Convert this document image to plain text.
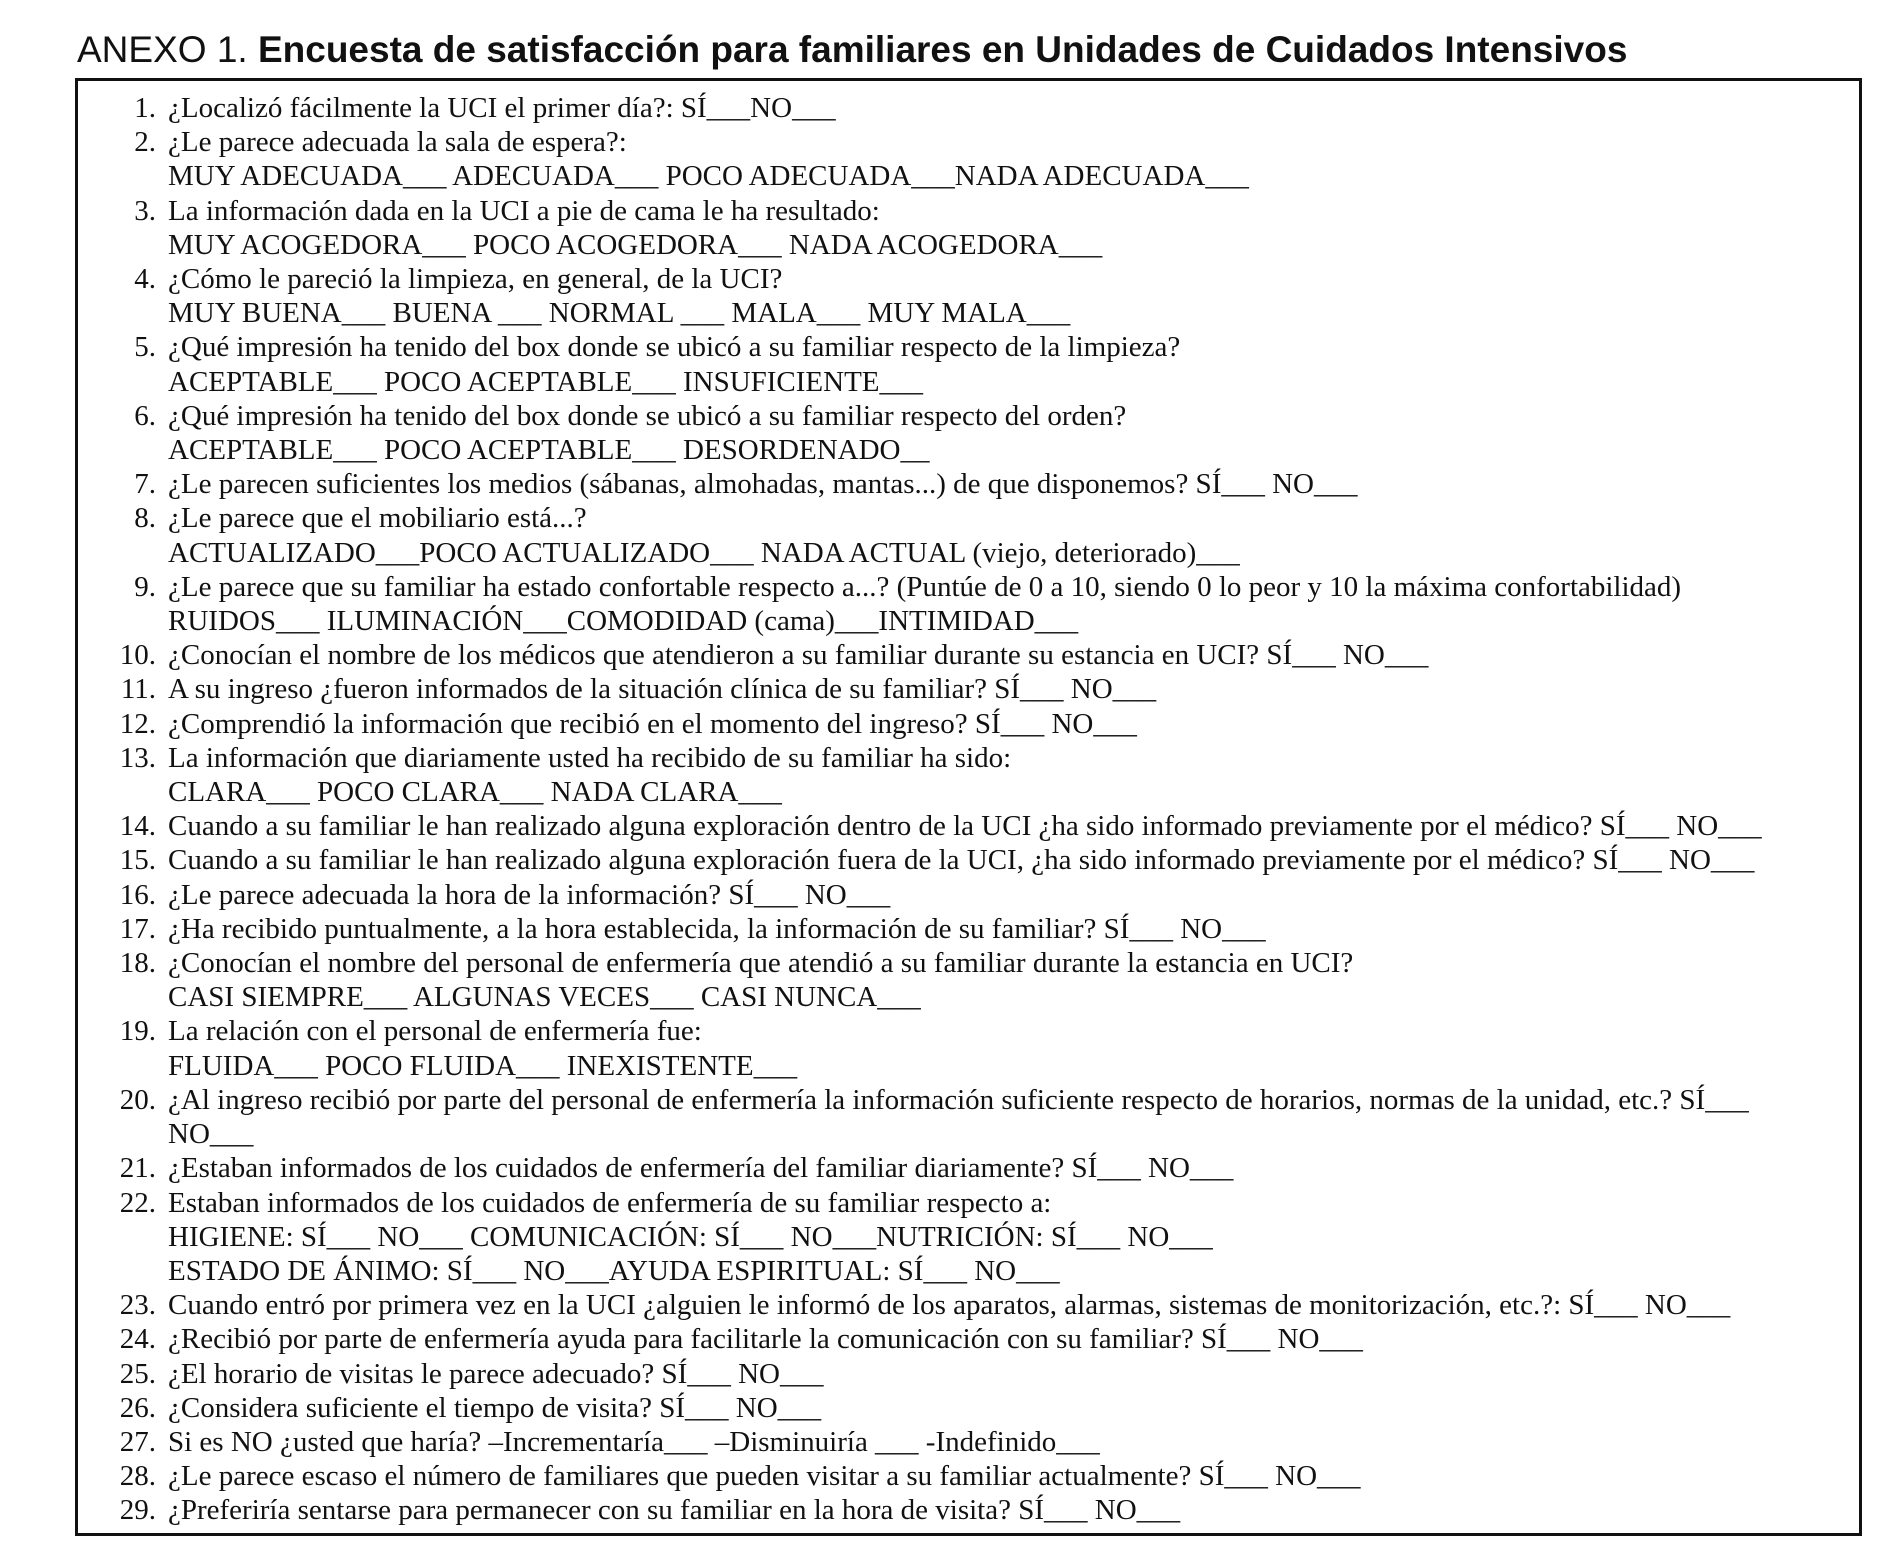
ANEXO 1. Encuesta de satisfacción para familiares en Unidades de Cuidados Intensivos
1. ¿Localizó fácilmente la UCI el primer día?: SÍ___NO___
2. ¿Le parece adecuada la sala de espera?:
MUY ADECUADA___ ADECUADA___ POCO ADECUADA___NADA ADECUADA___
3. La información dada en la UCI a pie de cama le ha resultado:
MUY ACOGEDORA___ POCO ACOGEDORA___ NADA ACOGEDORA___
4. ¿Cómo le pareció la limpieza, en general, de la UCI?
MUY BUENA___ BUENA ___ NORMAL ___ MALA___ MUY MALA___
5. ¿Qué impresión ha tenido del box donde se ubicó a su familiar respecto de la limpieza?
ACEPTABLE___ POCO ACEPTABLE___ INSUFICIENTE___
6. ¿Qué impresión ha tenido del box donde se ubicó a su familiar respecto del orden?
ACEPTABLE___ POCO ACEPTABLE___ DESORDENADO__
7. ¿Le parecen suficientes los medios (sábanas, almohadas, mantas...) de que disponemos? SÍ___ NO___
8. ¿Le parece que el mobiliario está...?
ACTUALIZADO___POCO ACTUALIZADO___ NADA ACTUAL (viejo, deteriorado)___
9. ¿Le parece que su familiar ha estado confortable respecto a...? (Puntúe de 0 a 10, siendo 0 lo peor y 10 la máxima confortabilidad)
RUIDOS___ ILUMINACIÓN___COMODIDAD (cama)___INTIMIDAD___
10. ¿Conocían el nombre de los médicos que atendieron a su familiar durante su estancia en UCI? SÍ___ NO___
11. A su ingreso ¿fueron informados de la situación clínica de su familiar? SÍ___ NO___
12. ¿Comprendió la información que recibió en el momento del ingreso? SÍ___ NO___
13. La información que diariamente usted ha recibido de su familiar ha sido:
CLARA___ POCO CLARA___ NADA CLARA___
14. Cuando a su familiar le han realizado alguna exploración dentro de la UCI ¿ha sido informado previamente por el médico? SÍ___ NO___
15. Cuando a su familiar le han realizado alguna exploración fuera de la UCI, ¿ha sido informado previamente por el médico? SÍ___ NO___
16. ¿Le parece adecuada la hora de la información? SÍ___ NO___
17. ¿Ha recibido puntualmente, a la hora establecida, la información de su familiar? SÍ___ NO___
18. ¿Conocían el nombre del personal de enfermería que atendió a su familiar durante la estancia en UCI?
CASI SIEMPRE___ ALGUNAS VECES___ CASI NUNCA___
19. La relación con el personal de enfermería fue:
FLUIDA___ POCO FLUIDA___ INEXISTENTE___
20. ¿Al ingreso recibió por parte del personal de enfermería la información suficiente respecto de horarios, normas de la unidad, etc.? SÍ___
NO___
21. ¿Estaban informados de los cuidados de enfermería del familiar diariamente? SÍ___ NO___
22. Estaban informados de los cuidados de enfermería de su familiar respecto a:
HIGIENE: SÍ___ NO___ COMUNICACIÓN: SÍ___ NO___NUTRICIÓN: SÍ___ NO___
ESTADO DE ÁNIMO: SÍ___ NO___AYUDA ESPIRITUAL: SÍ___ NO___
23. Cuando entró por primera vez en la UCI ¿alguien le informó de los aparatos, alarmas, sistemas de monitorización, etc.?: SÍ___ NO___
24. ¿Recibió por parte de enfermería ayuda para facilitarle la comunicación con su familiar? SÍ___ NO___
25. ¿El horario de visitas le parece adecuado? SÍ___ NO___
26. ¿Considera suficiente el tiempo de visita? SÍ___ NO___
27. Si es NO ¿usted que haría? –Incrementaría___ –Disminuiría ___ -Indefinido___
28. ¿Le parece escaso el número de familiares que pueden visitar a su familiar actualmente? SÍ___ NO___
29. ¿Preferiría sentarse para permanecer con su familiar en la hora de visita? SÍ___ NO___
